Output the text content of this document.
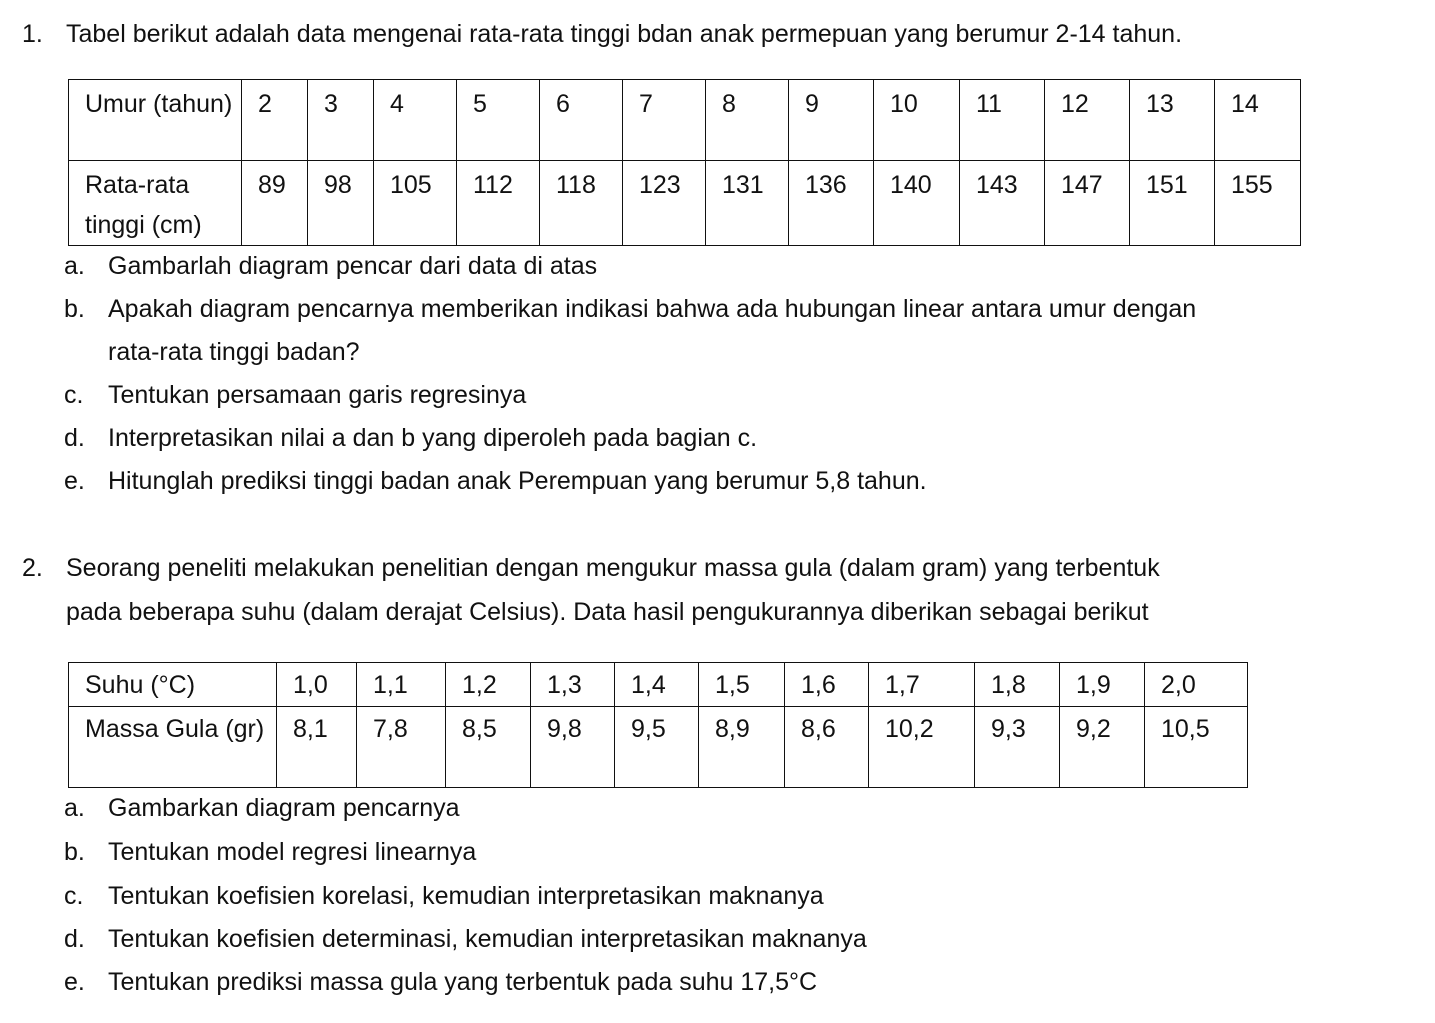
1. Tabel berikut adalah data mengenai rata-rata tinggi bdan anak permepuan yang berumur 2-14 tahun.
Umur (tahun)	2	3	4	5	6	7	8	9	10	11	12	13	14
Rata-rata tinggi (cm)	89	98	105	112	118	123	131	136	140	143	147	151	155
a. Gambarlah diagram pencar dari data di atas
b. Apakah diagram pencarnya memberikan indikasi bahwa ada hubungan linear antara umur dengan
rata-rata tinggi badan?
c. Tentukan persamaan garis regresinya
d. Interpretasikan nilai a dan b yang diperoleh pada bagian c.
e. Hitunglah prediksi tinggi badan anak Perempuan yang berumur 5,8 tahun.
2. Seorang peneliti melakukan penelitian dengan mengukur massa gula (dalam gram) yang terbentuk
pada beberapa suhu (dalam derajat Celsius). Data hasil pengukurannya diberikan sebagai berikut
Suhu (°C)	1,0	1,1	1,2	1,3	1,4	1,5	1,6	1,7	1,8	1,9	2,0
Massa Gula (gr)	8,1	7,8	8,5	9,8	9,5	8,9	8,6	10,2	9,3	9,2	10,5
a. Gambarkan diagram pencarnya
b. Tentukan model regresi linearnya
c. Tentukan koefisien korelasi, kemudian interpretasikan maknanya
d. Tentukan koefisien determinasi, kemudian interpretasikan maknanya
e. Tentukan prediksi massa gula yang terbentuk pada suhu 17,5°C
